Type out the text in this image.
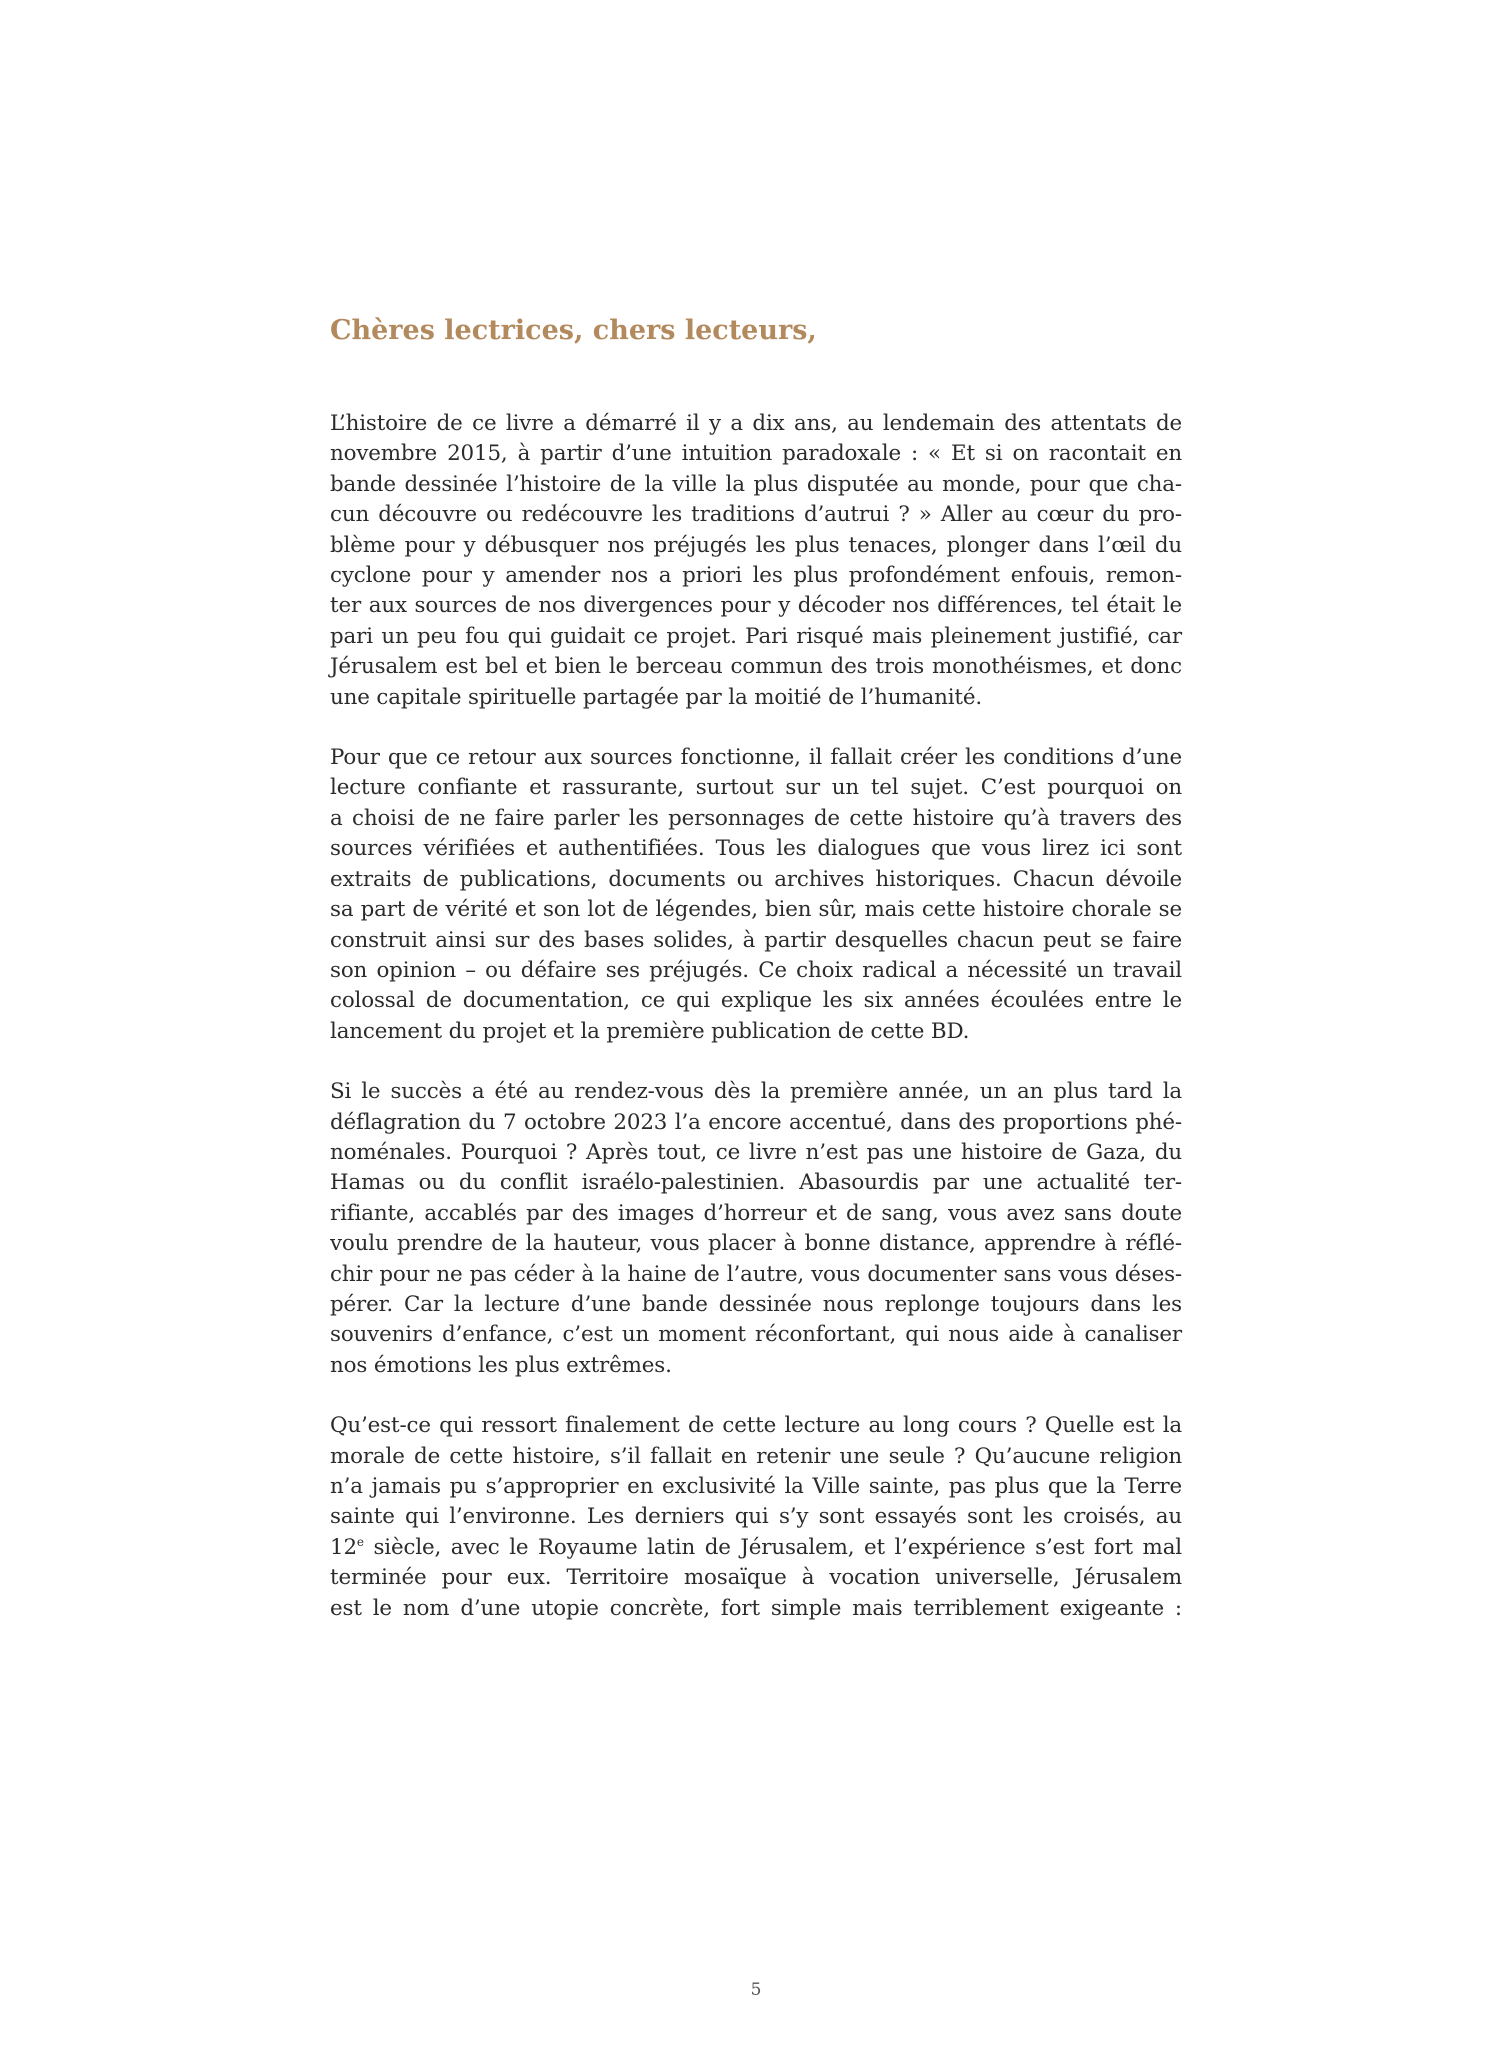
Chères lectrices, chers lecteurs,

L’histoire de ce livre a démarré il y a dix ans, au lendemain des attentats de
novembre 2015, à partir d’une intuition paradoxale : « Et si on racontait en
bande dessinée l’histoire de la ville la plus disputée au monde, pour que cha-
cun découvre ou redécouvre les traditions d’autrui ? » Aller au cœur du pro-
blème pour y débusquer nos préjugés les plus tenaces, plonger dans l’œil du
cyclone pour y amender nos a priori les plus profondément enfouis, remon-
ter aux sources de nos divergences pour y décoder nos différences, tel était le
pari un peu fou qui guidait ce projet. Pari risqué mais pleinement justifié, car
Jérusalem est bel et bien le berceau commun des trois monothéismes, et donc
une capitale spirituelle partagée par la moitié de l’humanité.

Pour que ce retour aux sources fonctionne, il fallait créer les conditions d’une
lecture confiante et rassurante, surtout sur un tel sujet. C’est pourquoi on
a choisi de ne faire parler les personnages de cette histoire qu’à travers des
sources vérifiées et authentifiées. Tous les dialogues que vous lirez ici sont
extraits de publications, documents ou archives historiques. Chacun dévoile
sa part de vérité et son lot de légendes, bien sûr, mais cette histoire chorale se
construit ainsi sur des bases solides, à partir desquelles chacun peut se faire
son opinion – ou défaire ses préjugés. Ce choix radical a nécessité un travail
colossal de documentation, ce qui explique les six années écoulées entre le
lancement du projet et la première publication de cette BD.

Si le succès a été au rendez-vous dès la première année, un an plus tard la
déflagration du 7 octobre 2023 l’a encore accentué, dans des proportions phé-
noménales. Pourquoi ? Après tout, ce livre n’est pas une histoire de Gaza, du
Hamas ou du conflit israélo-palestinien. Abasourdis par une actualité ter-
rifiante, accablés par des images d’horreur et de sang, vous avez sans doute
voulu prendre de la hauteur, vous placer à bonne distance, apprendre à réflé-
chir pour ne pas céder à la haine de l’autre, vous documenter sans vous déses-
pérer. Car la lecture d’une bande dessinée nous replonge toujours dans les
souvenirs d’enfance, c’est un moment réconfortant, qui nous aide à canaliser
nos émotions les plus extrêmes.

Qu’est-ce qui ressort finalement de cette lecture au long cours ? Quelle est la
morale de cette histoire, s’il fallait en retenir une seule ? Qu’aucune religion
n’a jamais pu s’approprier en exclusivité la Ville sainte, pas plus que la Terre
sainte qui l’environne. Les derniers qui s’y sont essayés sont les croisés, au
12e siècle, avec le Royaume latin de Jérusalem, et l’expérience s’est fort mal
terminée pour eux. Territoire mosaïque à vocation universelle, Jérusalem
est le nom d’une utopie concrète, fort simple mais terriblement exigeante :

5
